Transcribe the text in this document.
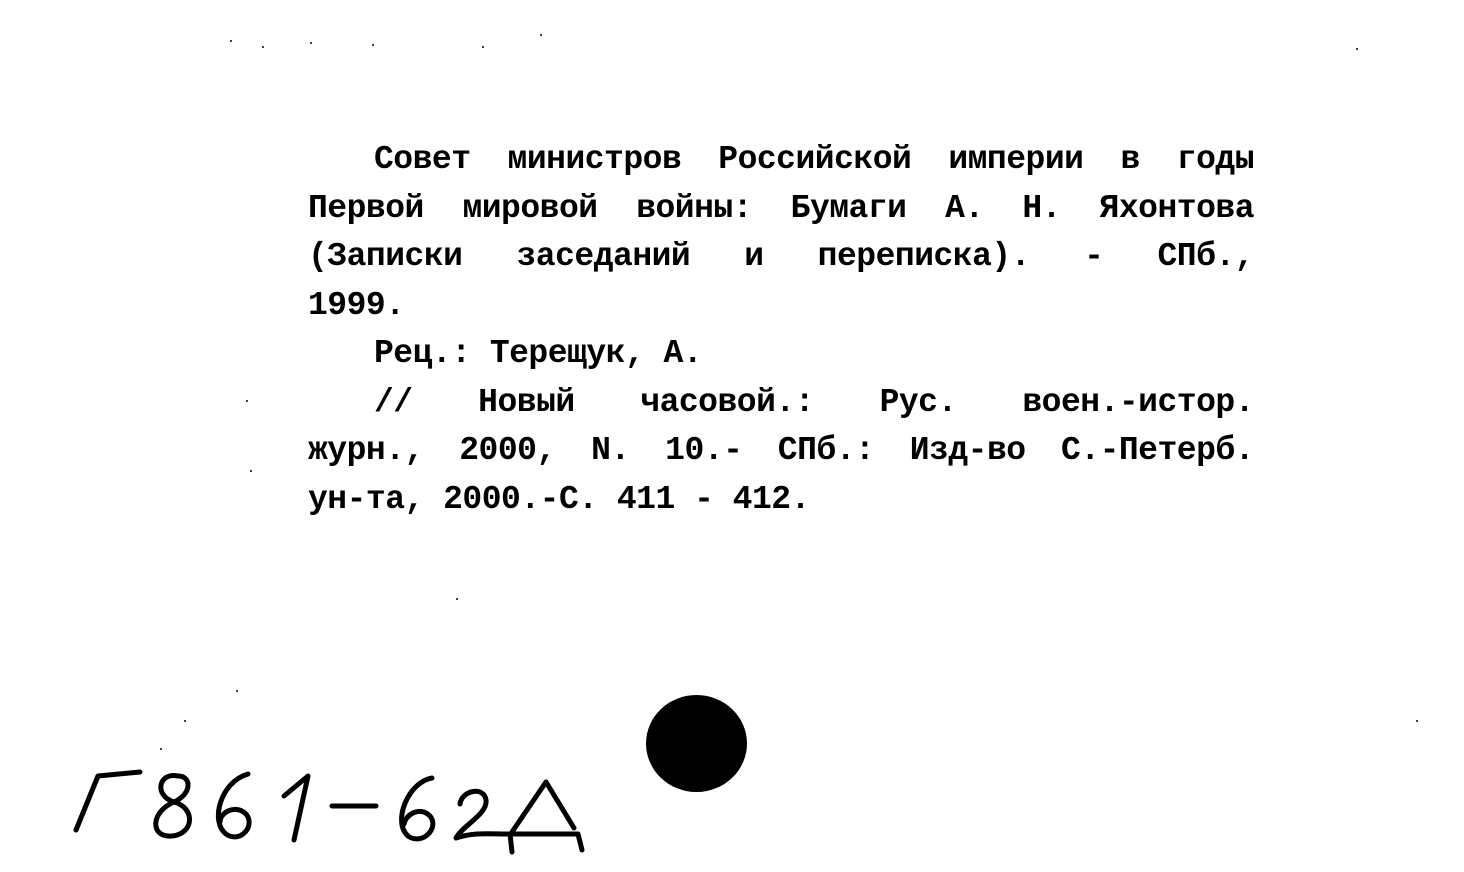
Совет министров Российской империи в годы
Первой мировой войны: Бумаги А. Н. Яхонтова
(Записки заседаний и переписка). - СПб.,
1999.
Рец.: Терещук, А.
// Новый часовой.: Рус. воен.-истор.
журн., 2000, N. 10.- СПб.: Изд-во С.-Петерб.
ун-та, 2000.-С. 411 - 412.
